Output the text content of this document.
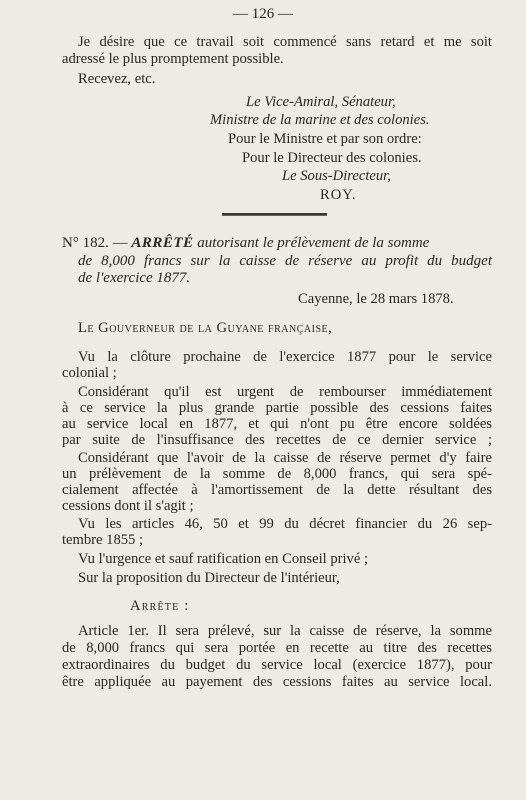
— 126 —
Je désire que ce travail soit commencé sans retard et me soit
adressé le plus promptement possible.
Recevez, etc.
Le Vice-Amiral, Sénateur,
Ministre de la marine et des colonies.
Pour le Ministre et par son ordre:
Pour le Directeur des colonies.
Le Sous-Directeur,
ROY.
N° 182. — ARRÊTÉ autorisant le prélèvement de la somme
de 8,000 francs sur la caisse de réserve au profit du budget
de l'exercice 1877.
Cayenne, le 28 mars 1878.
Le Gouverneur de la Guyane française,
Vu la clôture prochaine de l'exercice 1877 pour le service
colonial ;
Considérant qu'il est urgent de rembourser immédiatement
à ce service la plus grande partie possible des cessions faites
au service local en 1877, et qui n'ont pu être encore soldées
par suite de l'insuffisance des recettes de ce dernier service ;
Considérant que l'avoir de la caisse de réserve permet d'y faire
un prélèvement de la somme de 8,000 francs, qui sera spé-
cialement affectée à l'amortissement de la dette résultant des
cessions dont il s'agit ;
Vu les articles 46, 50 et 99 du décret financier du 26 sep-
tembre 1855 ;
Vu l'urgence et sauf ratification en Conseil privé ;
Sur la proposition du Directeur de l'intérieur,
Arrête :
Article 1er. Il sera prélevé, sur la caisse de réserve, la somme
de 8,000 francs qui sera portée en recette au titre des recettes
extraordinaires du budget du service local (exercice 1877), pour
être appliquée au payement des cessions faites au service local.
